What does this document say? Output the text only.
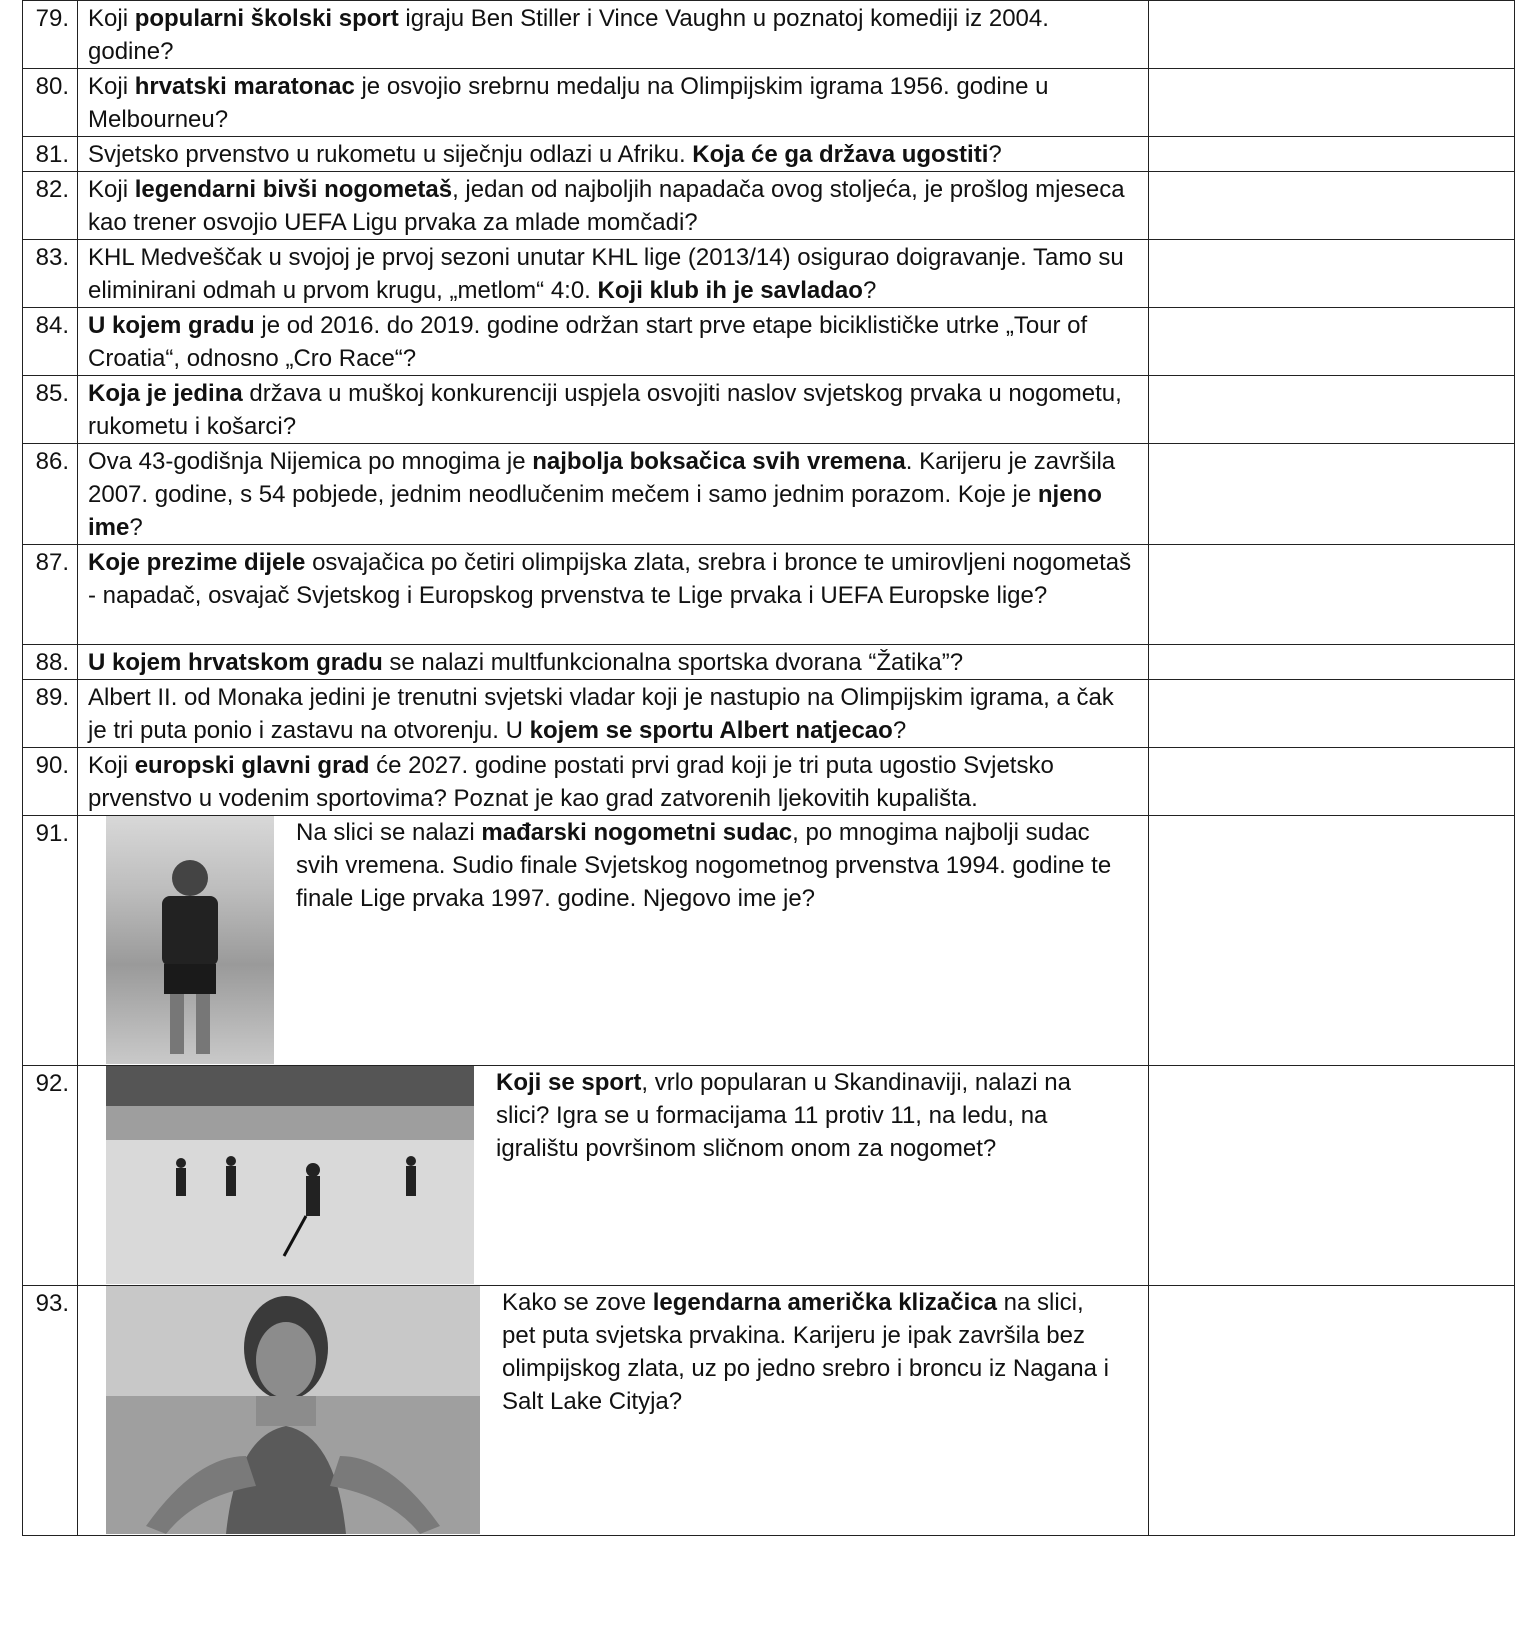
79.	Koji popularni školski sport igraju Ben Stiller i Vince Vaughn u poznatoj komediji iz 2004. godine?	
80.	Koji hrvatski maratonac je osvojio srebrnu medalju na Olimpijskim igrama 1956. godine u Melbourneu?	
81.	Svjetsko prvenstvo u rukometu u siječnju odlazi u Afriku. Koja će ga država ugostiti?	
82.	Koji legendarni bivši nogometaš, jedan od najboljih napadača ovog stoljeća, je prošlog mjeseca kao trener osvojio UEFA Ligu prvaka za mlade momčadi?	
83.	KHL Medveščak u svojoj je prvoj sezoni unutar KHL lige (2013/14) osigurao doigravanje. Tamo su eliminirani odmah u prvom krugu, „metlom“ 4:0. Koji klub ih je savladao?	
84.	U kojem gradu je od 2016. do 2019. godine održan start prve etape biciklističke utrke „Tour of Croatia“, odnosno „Cro Race“?	
85.	Koja je jedina država u muškoj konkurenciji uspjela osvojiti naslov svjetskog prvaka u nogometu, rukometu i košarci?	
86.	Ova 43-godišnja Nijemica po mnogima je najbolja boksačica svih vremena. Karijeru je završila 2007. godine, s 54 pobjede, jednim neodlučenim mečem i samo jednim porazom. Koje je njeno ime?	
87.	Koje prezime dijele osvajačica po četiri olimpijska zlata, srebra i bronce te umirovljeni nogometaš - napadač, osvajač Svjetskog i Europskog prvenstva te Lige prvaka i UEFA Europske lige?	
88.	U kojem hrvatskom gradu se nalazi multfunkcionalna sportska dvorana “Žatika”?	
89.	Albert II. od Monaka jedini je trenutni svjetski vladar koji je nastupio na Olimpijskim igrama, a čak je tri puta ponio i zastavu na otvorenju. U kojem se sportu Albert natjecao?	
90.	Koji europski glavni grad će 2027. godine postati prvi grad koji je tri puta ugostio Svjetsko prvenstvo u vodenim sportovima? Poznat je kao grad zatvorenih ljekovitih kupališta.	
91.	Na slici se nalazi mađarski nogometni sudac, po mnogima najbolji sudac svih vremena. Sudio finale Svjetskog nogometnog prvenstva 1994. godine te finale Lige prvaka 1997. godine. Njegovo ime je?	

92.	Koji se sport, vrlo popularan u Skandinaviji, nalazi na slici? Igra se u formacijama 11 protiv 11, na ledu, na igralištu površinom sličnom onom za nogomet?	

93.	Kako se zove legendarna američka klizačica na slici, pet puta svjetska prvakina. Karijeru je ipak završila bez olimpijskog zlata, uz po jedno srebro i broncu iz Nagana i Salt Lake Cityja?	
